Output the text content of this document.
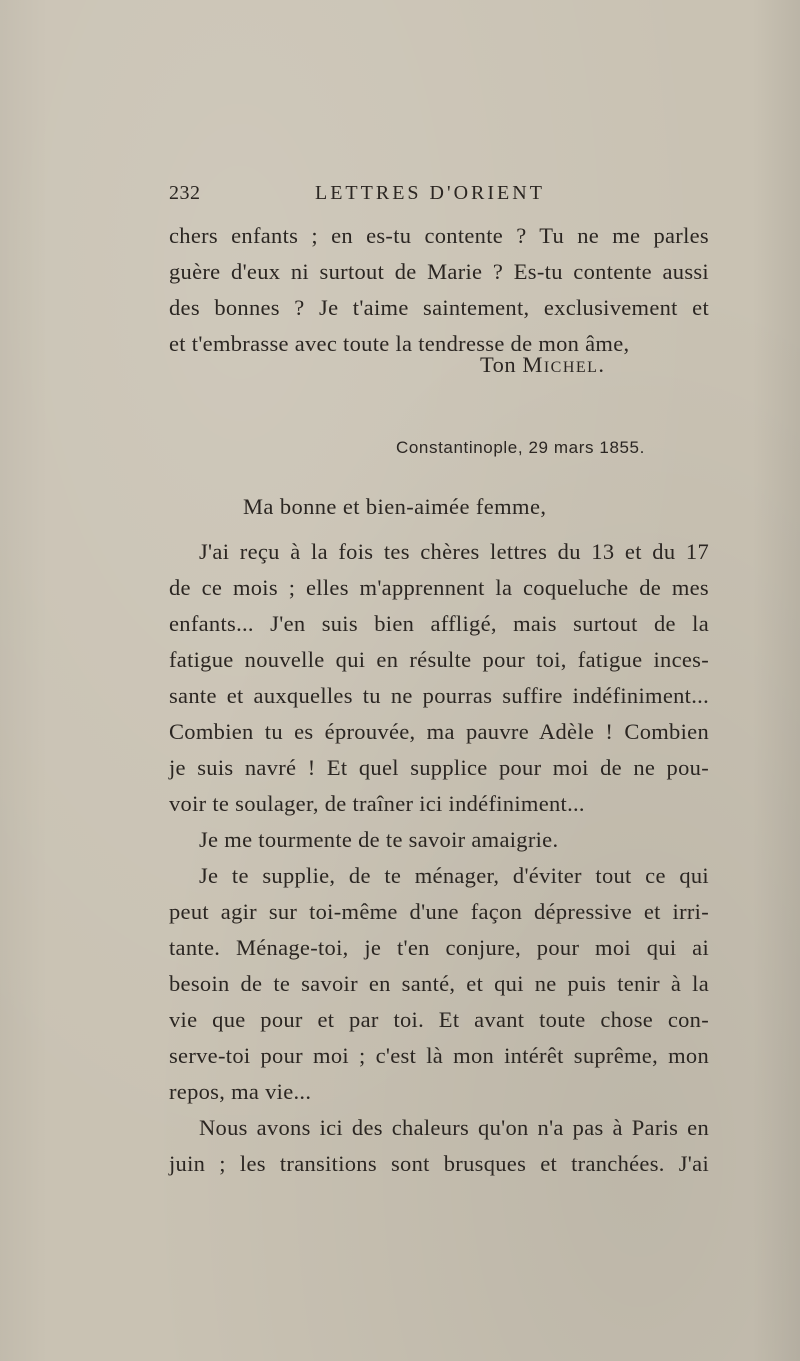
232	LETTRES D'ORIENT
chers enfants ; en es-tu contente ? Tu ne me parles
guère d'eux ni surtout de Marie ? Es-tu contente aussi
des bonnes ? Je t'aime saintement, exclusivement et
et t'embrasse avec toute la tendresse de mon âme,
Ton Michel.
Constantinople, 29 mars 1855.
Ma bonne et bien-aimée femme,
J'ai reçu à la fois tes chères lettres du 13 et du 17
de ce mois ; elles m'apprennent la coqueluche de mes
enfants... J'en suis bien affligé, mais surtout de la
fatigue nouvelle qui en résulte pour toi, fatigue inces-
sante et auxquelles tu ne pourras suffire indéfiniment...
Combien tu es éprouvée, ma pauvre Adèle ! Combien
je suis navré ! Et quel supplice pour moi de ne pou-
voir te soulager, de traîner ici indéfiniment...
Je me tourmente de te savoir amaigrie.
Je te supplie, de te ménager, d'éviter tout ce qui
peut agir sur toi-même d'une façon dépressive et irri-
tante. Ménage-toi, je t'en conjure, pour moi qui ai
besoin de te savoir en santé, et qui ne puis tenir à la
vie que pour et par toi. Et avant toute chose con-
serve-toi pour moi ; c'est là mon intérêt suprême, mon
repos, ma vie...
Nous avons ici des chaleurs qu'on n'a pas à Paris en
juin ; les transitions sont brusques et tranchées. J'ai
